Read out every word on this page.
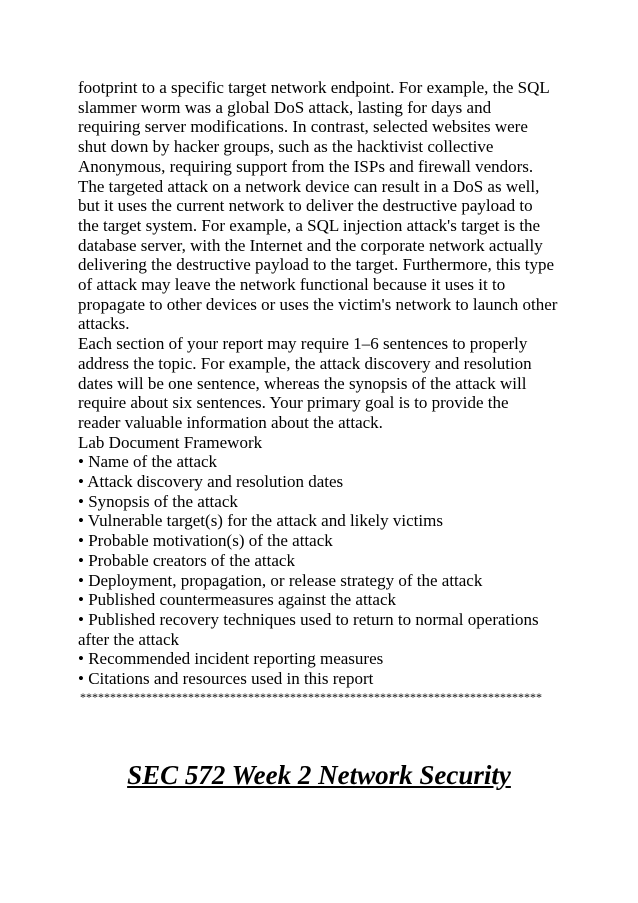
footprint to a specific target network endpoint. For example, the SQL
slammer worm was a global DoS attack, lasting for days and
requiring server modifications. In contrast, selected websites were
shut down by hacker groups, such as the hacktivist collective
Anonymous, requiring support from the ISPs and firewall vendors.
The targeted attack on a network device can result in a DoS as well,
but it uses the current network to deliver the destructive payload to
the target system. For example, a SQL injection attack's target is the
database server, with the Internet and the corporate network actually
delivering the destructive payload to the target. Furthermore, this type
of attack may leave the network functional because it uses it to
propagate to other devices or uses the victim's network to launch other
attacks.
Each section of your report may require 1–6 sentences to properly
address the topic. For example, the attack discovery and resolution
dates will be one sentence, whereas the synopsis of the attack will
require about six sentences. Your primary goal is to provide the
reader valuable information about the attack.
Lab Document Framework
• Name of the attack
• Attack discovery and resolution dates
• Synopsis of the attack
• Vulnerable target(s) for the attack and likely victims
• Probable motivation(s) of the attack
• Probable creators of the attack
• Deployment, propagation, or release strategy of the attack
• Published countermeasures against the attack
• Published recovery techniques used to return to normal operations
after the attack
• Recommended incident reporting measures
• Citations and resources used in this report
*****************************************************************************
SEC 572 Week 2 Network Security
